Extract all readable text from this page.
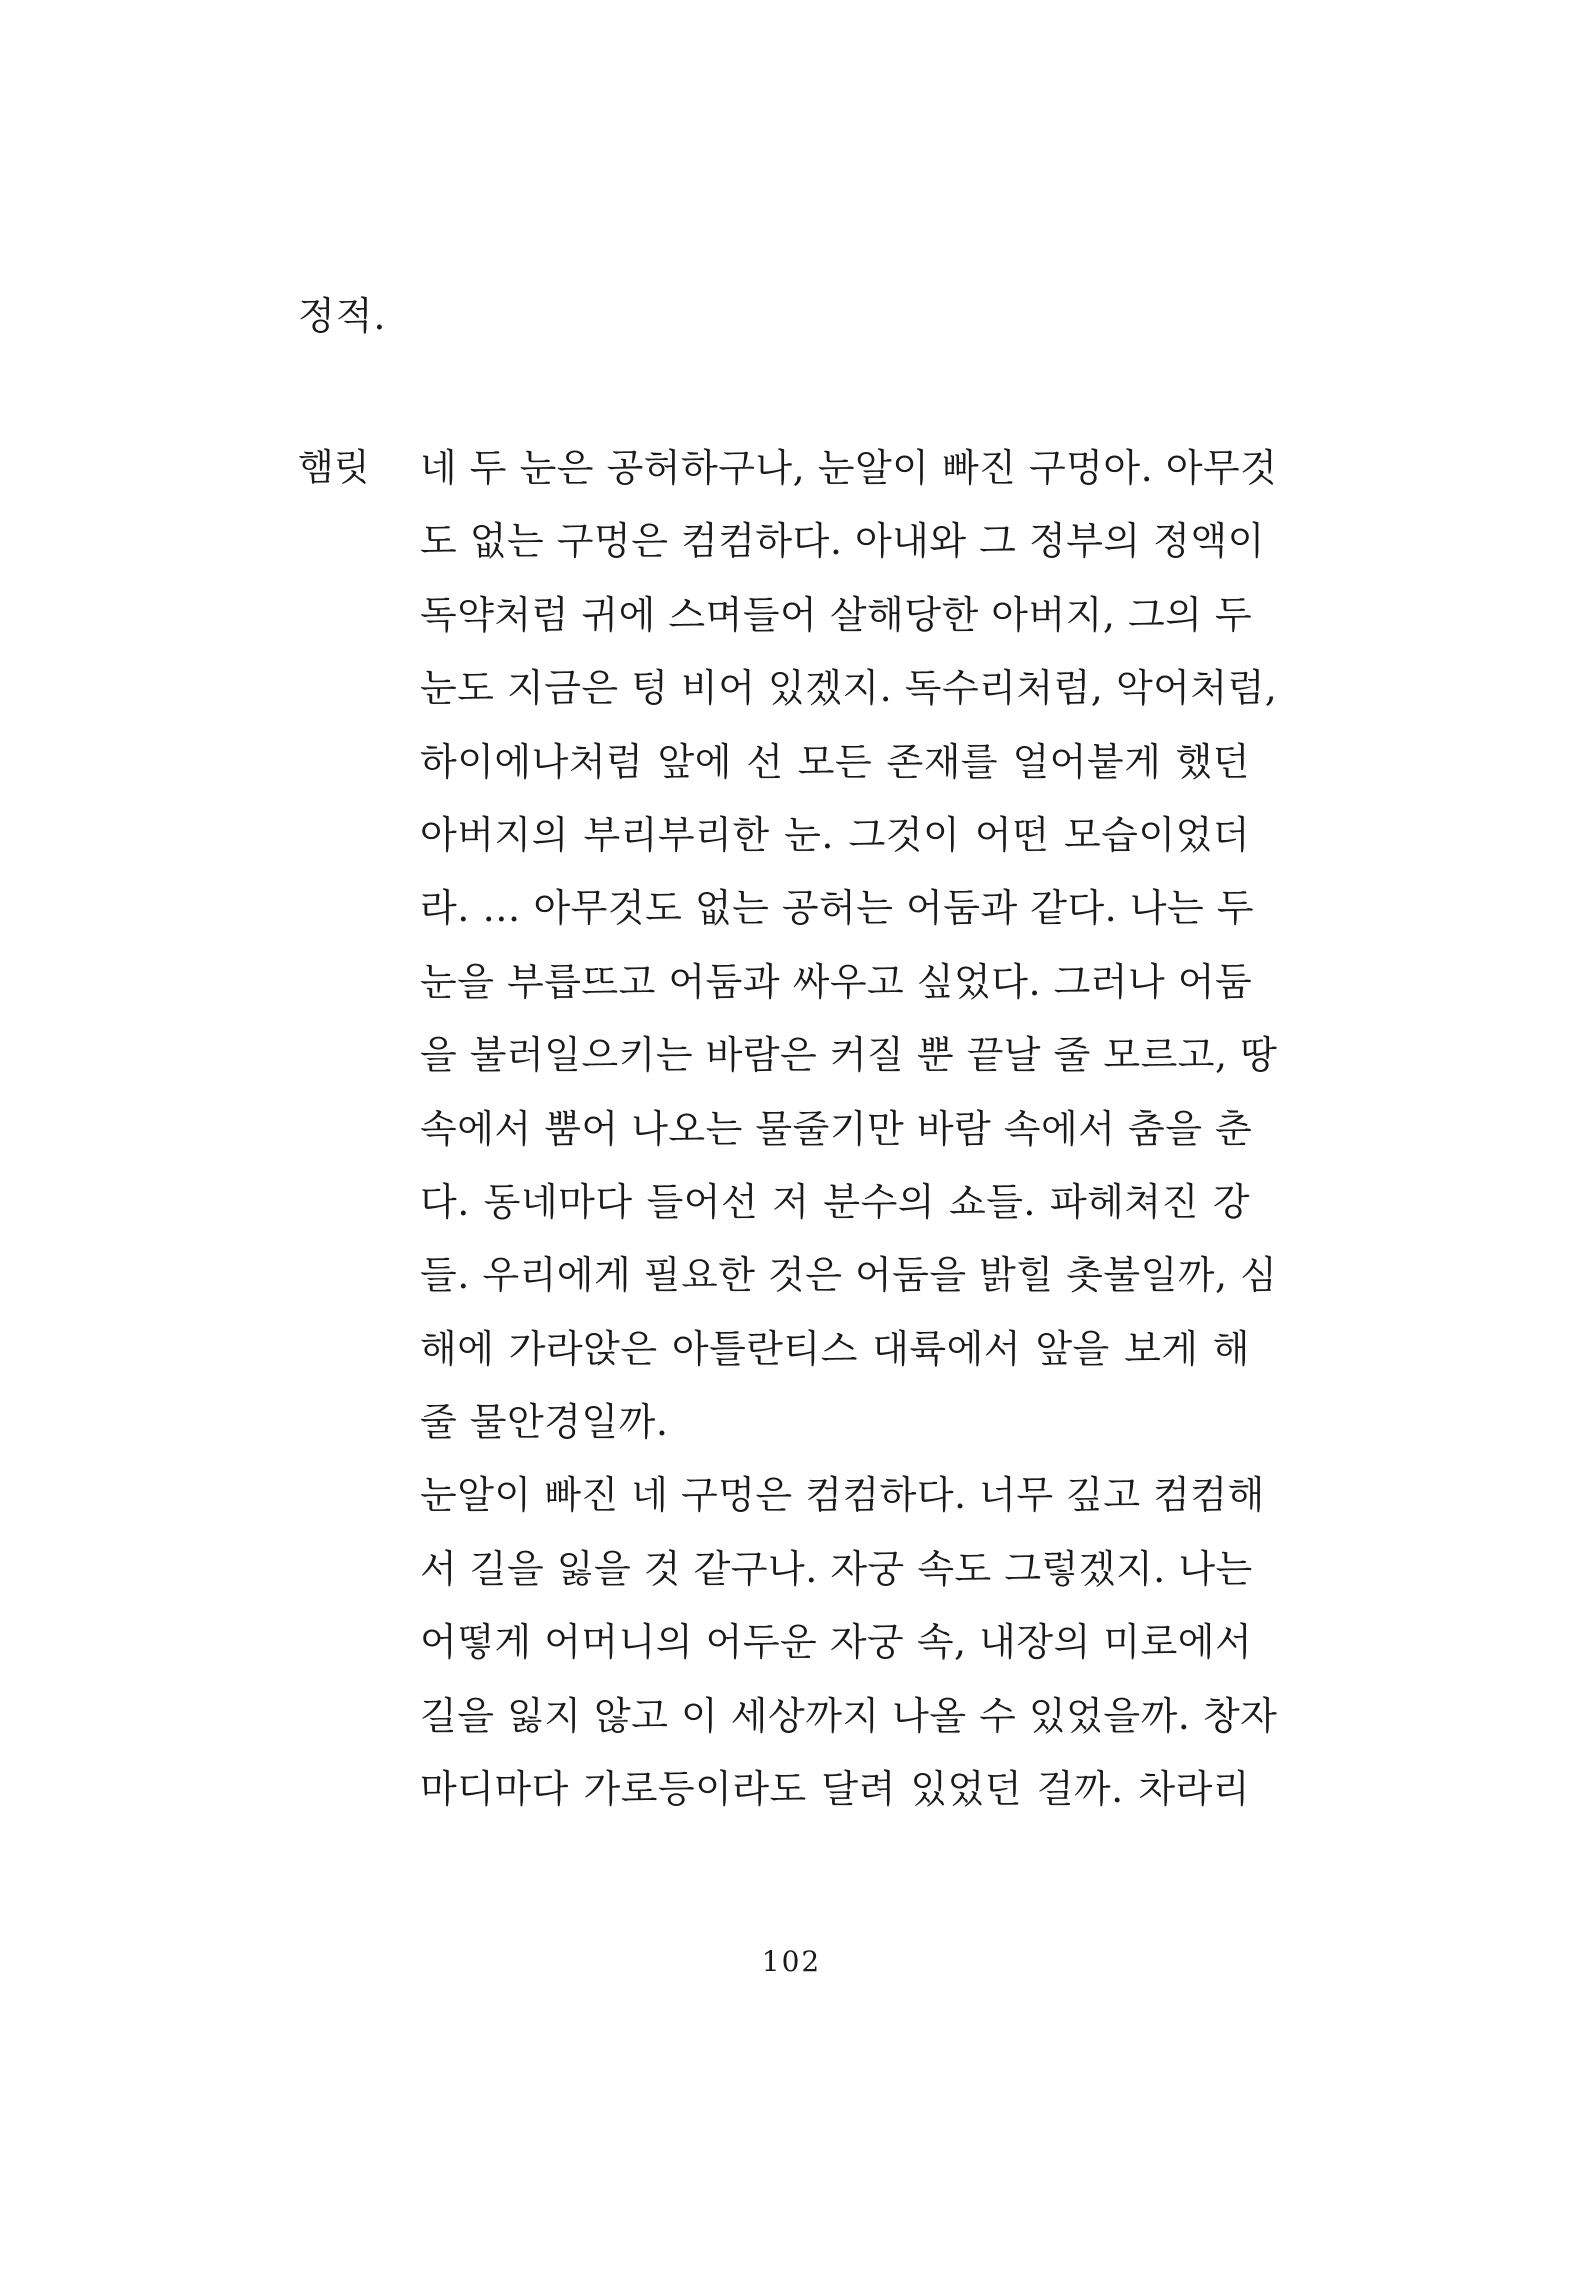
정적.
햄릿 네 두 눈은 공허하구나, 눈알이 빠진 구멍아. 아무것
도 없는 구멍은 컴컴하다. 아내와 그 정부의 정액이
독약처럼 귀에 스며들어 살해당한 아버지, 그의 두
눈도 지금은 텅 비어 있겠지. 독수리처럼, 악어처럼,
하이에나처럼 앞에 선 모든 존재를 얼어붙게 했던
아버지의 부리부리한 눈. 그것이 어떤 모습이었더
라. … 아무것도 없는 공허는 어둠과 같다. 나는 두
눈을 부릅뜨고 어둠과 싸우고 싶었다. 그러나 어둠
을 불러일으키는 바람은 커질 뿐 끝날 줄 모르고, 땅
속에서 뿜어 나오는 물줄기만 바람 속에서 춤을 춘
다. 동네마다 들어선 저 분수의 쇼들. 파헤쳐진 강
들. 우리에게 필요한 것은 어둠을 밝힐 촛불일까, 심
해에 가라앉은 아틀란티스 대륙에서 앞을 보게 해
줄 물안경일까.
눈알이 빠진 네 구멍은 컴컴하다. 너무 깊고 컴컴해
서 길을 잃을 것 같구나. 자궁 속도 그렇겠지. 나는
어떻게 어머니의 어두운 자궁 속, 내장의 미로에서
길을 잃지 않고 이 세상까지 나올 수 있었을까. 창자
마디마다 가로등이라도 달려 있었던 걸까. 차라리
102
